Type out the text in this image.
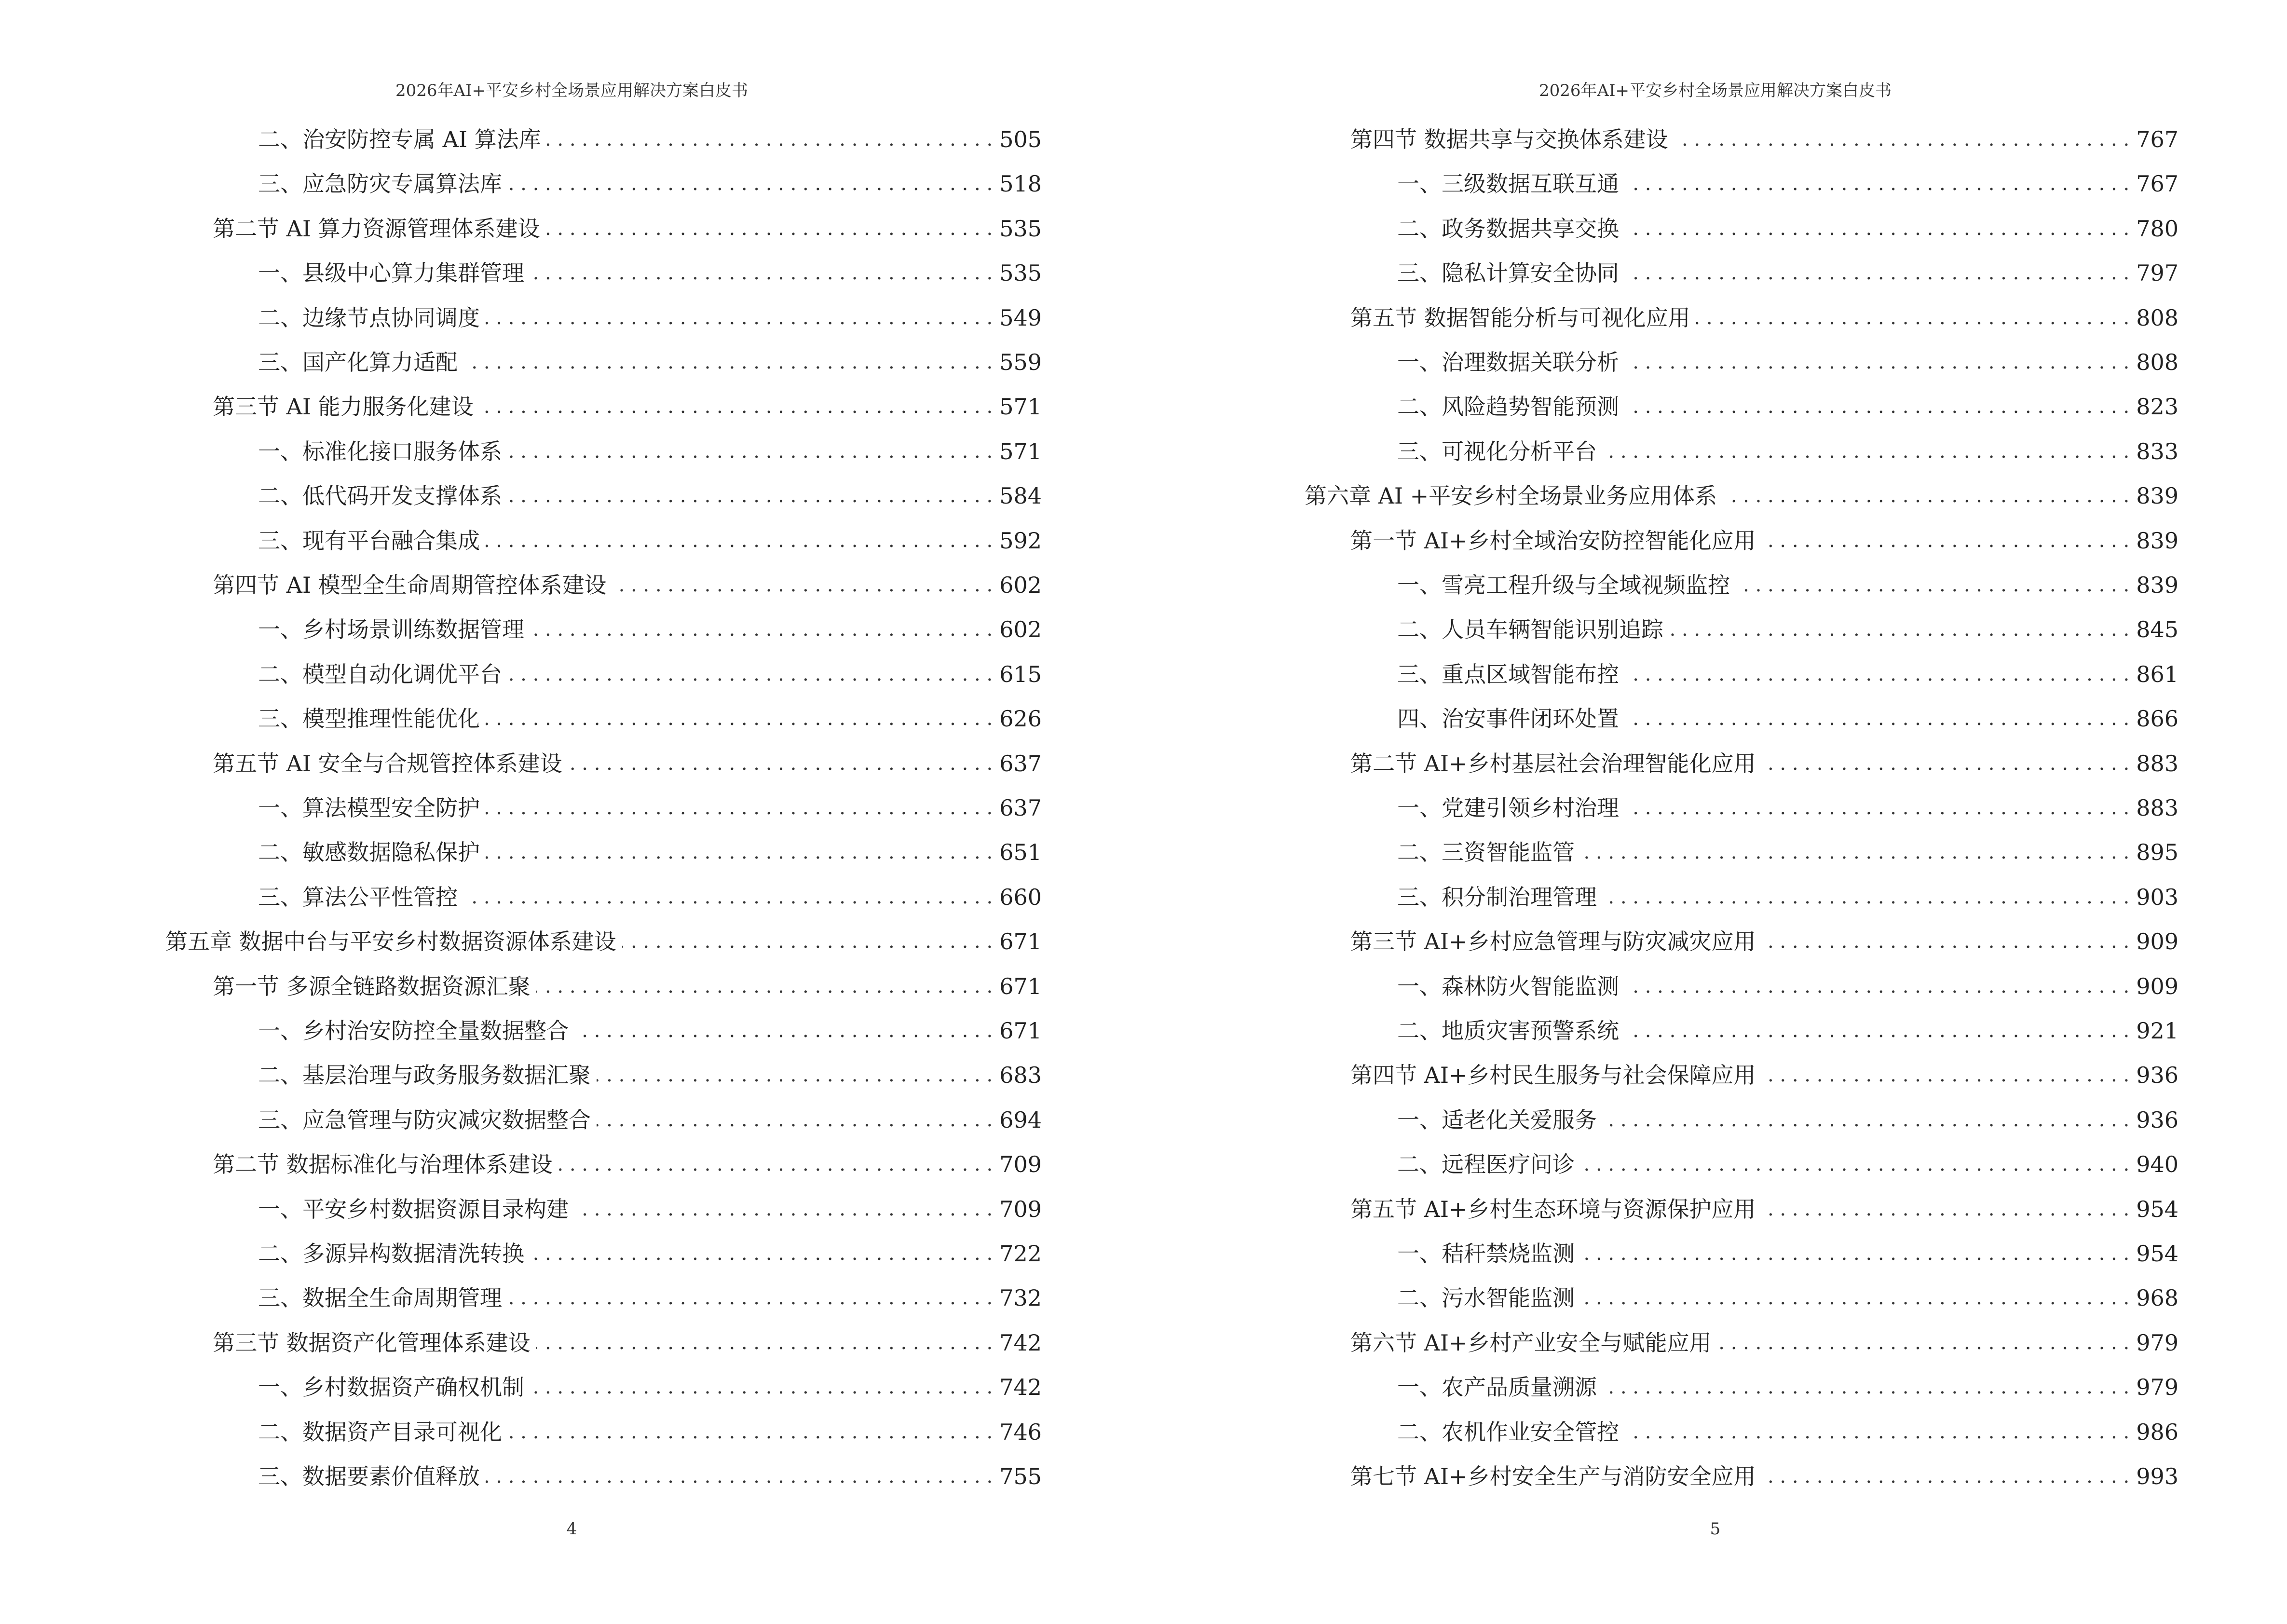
2026年AI+平安乡村全场景应用解决方案白皮书
二、治安防控专属 AI 算法库 . . .	505
三、应急防灾专属算法库 . . .	518
第二节 AI 算力资源管理体系建设 . . .	535
一、县级中心算力集群管理 . . .	535
二、边缘节点协同调度 . . .	549
三、国产化算力适配 . . .	559
第三节 AI 能力服务化建设 . . .	571
一、标准化接口服务体系 . . .	571
二、低代码开发支撑体系 . . .	584
三、现有平台融合集成 . . .	592
第四节 AI 模型全生命周期管控体系建设 . . .	602
一、乡村场景训练数据管理 . . .	602
二、模型自动化调优平台 . . .	615
三、模型推理性能优化 . . .	626
第五节 AI 安全与合规管控体系建设 . . .	637
一、算法模型安全防护 . . .	637
二、敏感数据隐私保护 . . .	651
三、算法公平性管控 . . .	660
第五章 数据中台与平安乡村数据资源体系建设 . . .	671
第一节 多源全链路数据资源汇聚 . . .	671
一、乡村治安防控全量数据整合 . . .	671
二、基层治理与政务服务数据汇聚 . . .	683
三、应急管理与防灾减灾数据整合 . . .	694
第二节 数据标准化与治理体系建设 . . .	709
一、平安乡村数据资源目录构建 . . .	709
二、多源异构数据清洗转换 . . .	722
三、数据全生命周期管理 . . .	732
第三节 数据资产化管理体系建设 . . .	742
一、乡村数据资产确权机制 . . .	742
二、数据资产目录可视化 . . .	746
三、数据要素价值释放 . . .	755
4
2026年AI+平安乡村全场景应用解决方案白皮书
第四节 数据共享与交换体系建设 . . .	767
一、三级数据互联互通 . . .	767
二、政务数据共享交换 . . .	780
三、隐私计算安全协同 . . .	797
第五节 数据智能分析与可视化应用 . . .	808
一、治理数据关联分析 . . .	808
二、风险趋势智能预测 . . .	823
三、可视化分析平台 . . .	833
第六章 AI +平安乡村全场景业务应用体系 . . .	839
第一节 AI+乡村全域治安防控智能化应用 . . .	839
一、雪亮工程升级与全域视频监控 . . .	839
二、人员车辆智能识别追踪 . . .	845
三、重点区域智能布控 . . .	861
四、治安事件闭环处置 . . .	866
第二节 AI+乡村基层社会治理智能化应用 . . .	883
一、党建引领乡村治理 . . .	883
二、三资智能监管 . . .	895
三、积分制治理管理 . . .	903
第三节 AI+乡村应急管理与防灾减灾应用 . . .	909
一、森林防火智能监测 . . .	909
二、地质灾害预警系统 . . .	921
第四节 AI+乡村民生服务与社会保障应用 . . .	936
一、适老化关爱服务 . . .	936
二、远程医疗问诊 . . .	940
第五节 AI+乡村生态环境与资源保护应用 . . .	954
一、秸秆禁烧监测 . . .	954
二、污水智能监测 . . .	968
第六节 AI+乡村产业安全与赋能应用 . . .	979
一、农产品质量溯源 . . .	979
二、农机作业安全管控 . . .	986
第七节 AI+乡村安全生产与消防安全应用 . . .	993
5
